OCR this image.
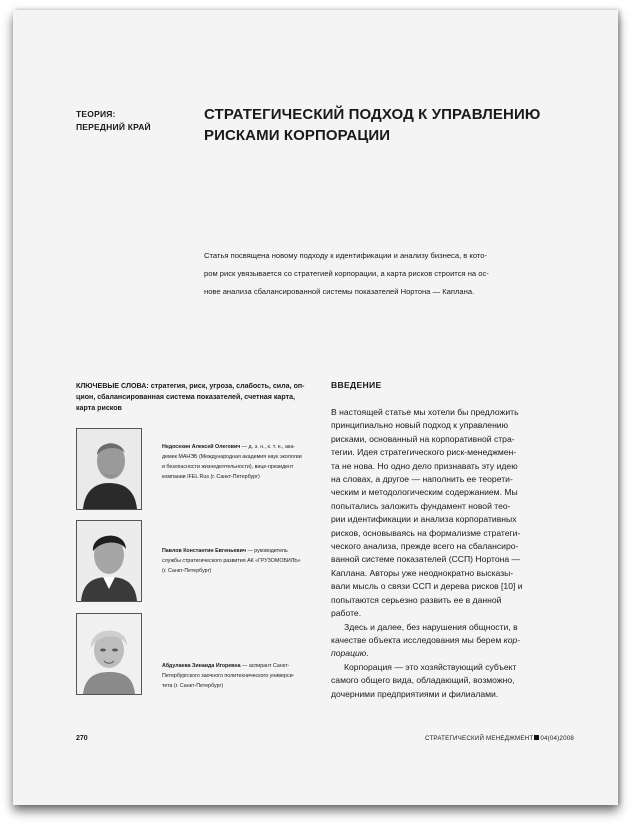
ТЕОРИЯ:
ПЕРЕДНИЙ КРАЙ
СТРАТЕГИЧЕСКИЙ ПОДХОД К УПРАВЛЕНИЮ
РИСКАМИ КОРПОРАЦИИ
Статья посвящена новому подходу к идентификации и анализу бизнеса, в кото-
ром риск увязывается со стратегией корпорации, а карта рисков строится на ос-
нове анализа сбалансированной системы показателей Нортона — Каплана.
КЛЮЧЕВЫЕ СЛОВА: стратегия, риск, угроза, слабость, сила, оп-
цион, сбалансированная система показателей, счетная карта,
карта рисков
Недосекин Алексей Олегович — д. э. н., к. т. н., ака-
демик МАНЭБ (Международная академия наук экологии
и безопасности жизнедеятельности), вице-президент
компании IFEL Rus (г. Санкт-Петербург)
Павлов Константин Евгеньевич — руководитель
службы стратегического развития АК «ГРУЗОМОБИЛЬ»
(г. Санкт-Петербург)
Абдулаева Зинаида Игоревна — аспирант Санкт-
Петербургского заочного политехнического универси-
тета (г. Санкт-Петербург)
ВВЕДЕНИЕ

В настоящей статье мы хотели бы предложить
принципиально новый подход к управлению
рисками, основанный на корпоративной стра-
тегии. Идея стратегического риск-менеджмен-
та не нова. Но одно дело признавать эту идею
на словах, а другое — наполнить ее теорети-
ческим и методологическим содержанием. Мы
попытались заложить фундамент новой тео-
рии идентификации и анализа корпоративных
рисков, основываясь на формализме стратеги-
ческого анализа, прежде всего на сбалансиро-
ванной системе показателей (ССП) Нортона —
Каплана. Авторы уже неоднократно высказы-
вали мысль о связи ССП и дерева рисков [10] и
попытаются серьезно развить ее в данной
работе.

Здесь и далее, без нарушения общности, в
качестве объекта исследования мы берем кор-
порацию.

Корпорация — это хозяйствующий субъект
самого общего вида, обладающий, возможно,
дочерними предприятиями и филиалами.

270	СТРАТЕГИЧЕСКИЙ МЕНЕДЖМЕНТ 04(04)2008
